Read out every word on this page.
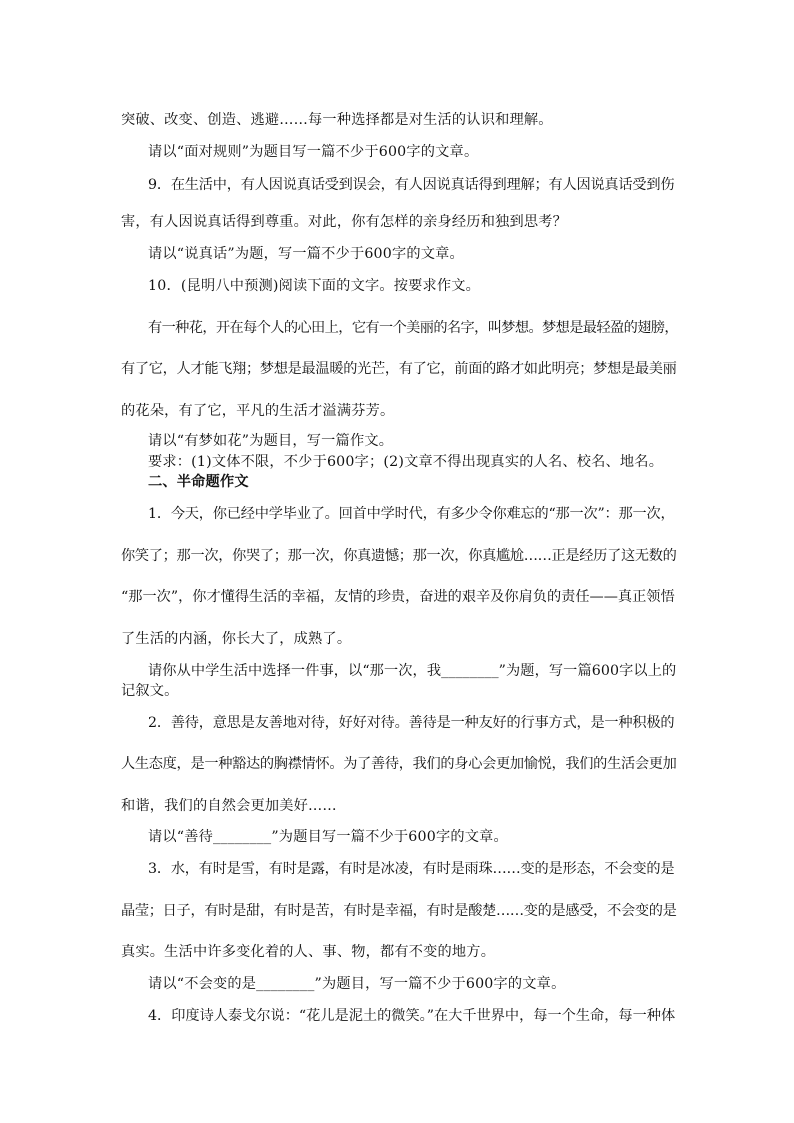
突破、改变、创造、逃避……每一种选择都是对生活的认识和理解。

请以“面对规则”为题目写一篇不少于600字的文章。

9．在生活中，有人因说真话受到误会，有人因说真话得到理解；有人因说真话受到伤

害，有人因说真话得到尊重。对此，你有怎样的亲身经历和独到思考？

请以“说真话”为题，写一篇不少于600字的文章。

10．(昆明八中预测)阅读下面的文字。按要求作文。

有一种花，开在每个人的心田上，它有一个美丽的名字，叫梦想。梦想是最轻盈的翅膀，

有了它，人才能飞翔；梦想是最温暖的光芒，有了它，前面的路才如此明亮；梦想是最美丽

的花朵，有了它，平凡的生活才溢满芬芳。

请以“有梦如花”为题目，写一篇作文。

要求：(1)文体不限，不少于600字；(2)文章不得出现真实的人名、校名、地名。

二、半命题作文

1．今天，你已经中学毕业了。回首中学时代，有多少令你难忘的“那一次”：那一次，

你笑了；那一次，你哭了；那一次，你真遗憾；那一次，你真尴尬……正是经历了这无数的

“那一次”，你才懂得生活的幸福，友情的珍贵，奋进的艰辛及你肩负的责任——真正领悟

了生活的内涵，你长大了，成熟了。

请你从中学生活中选择一件事，以“那一次，我________”为题，写一篇600字以上的

记叙文。

2．善待，意思是友善地对待，好好对待。善待是一种友好的行事方式，是一种积极的

人生态度，是一种豁达的胸襟情怀。为了善待，我们的身心会更加愉悦，我们的生活会更加

和谐，我们的自然会更加美好……

请以“善待________”为题目写一篇不少于600字的文章。

3．水，有时是雪，有时是露，有时是冰凌，有时是雨珠……变的是形态，不会变的是

晶莹；日子，有时是甜，有时是苦，有时是幸福，有时是酸楚……变的是感受，不会变的是

真实。生活中许多变化着的人、事、物，都有不变的地方。

请以“不会变的是________”为题目，写一篇不少于600字的文章。

4．印度诗人泰戈尔说：“花儿是泥土的微笑。”在大千世界中，每一个生命，每一种体
